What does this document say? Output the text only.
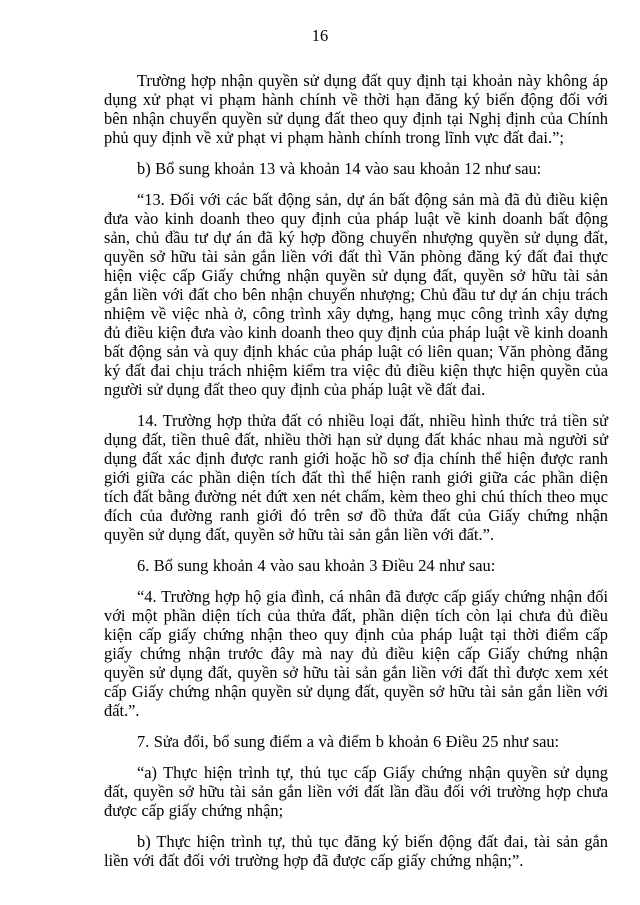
16

Trường hợp nhận quyền sử dụng đất quy định tại khoản này không áp dụng xử phạt vi phạm hành chính về thời hạn đăng ký biến động đối với bên nhận chuyển quyền sử dụng đất theo quy định tại Nghị định của Chính phủ quy định về xử phạt vi phạm hành chính trong lĩnh vực đất đai.”;

b) Bổ sung khoản 13 và khoản 14 vào sau khoản 12 như sau:

“13. Đối với các bất động sản, dự án bất động sản mà đã đủ điều kiện đưa vào kinh doanh theo quy định của pháp luật về kinh doanh bất động sản, chủ đầu tư dự án đã ký hợp đồng chuyển nhượng quyền sử dụng đất, quyền sở hữu tài sản gắn liền với đất thì Văn phòng đăng ký đất đai thực hiện việc cấp Giấy chứng nhận quyền sử dụng đất, quyền sở hữu tài sản gắn liền với đất cho bên nhận chuyển nhượng; Chủ đầu tư dự án chịu trách nhiệm về việc nhà ở, công trình xây dựng, hạng mục công trình xây dựng đủ điều kiện đưa vào kinh doanh theo quy định của pháp luật về kinh doanh bất động sản và quy định khác của pháp luật có liên quan; Văn phòng đăng ký đất đai chịu trách nhiệm kiểm tra việc đủ điều kiện thực hiện quyền của người sử dụng đất theo quy định của pháp luật về đất đai.

14. Trường hợp thửa đất có nhiều loại đất, nhiều hình thức trả tiền sử dụng đất, tiền thuê đất, nhiều thời hạn sử dụng đất khác nhau mà người sử dụng đất xác định được ranh giới hoặc hồ sơ địa chính thể hiện được ranh giới giữa các phần diện tích đất thì thể hiện ranh giới giữa các phần diện tích đất bằng đường nét đứt xen nét chấm, kèm theo ghi chú thích theo mục đích của đường ranh giới đó trên sơ đồ thửa đất của Giấy chứng nhận quyền sử dụng đất, quyền sở hữu tài sản gắn liền với đất.”.

6. Bổ sung khoản 4 vào sau khoản 3 Điều 24 như sau:

“4. Trường hợp hộ gia đình, cá nhân đã được cấp giấy chứng nhận đối với một phần diện tích của thửa đất, phần diện tích còn lại chưa đủ điều kiện cấp giấy chứng nhận theo quy định của pháp luật tại thời điểm cấp giấy chứng nhận trước đây mà nay đủ điều kiện cấp Giấy chứng nhận quyền sử dụng đất, quyền sở hữu tài sản gắn liền với đất thì được xem xét cấp Giấy chứng nhận quyền sử dụng đất, quyền sở hữu tài sản gắn liền với đất.”.

7. Sửa đổi, bổ sung điểm a và điểm b khoản 6 Điều 25 như sau:

“a) Thực hiện trình tự, thủ tục cấp Giấy chứng nhận quyền sử dụng đất, quyền sở hữu tài sản gắn liền với đất lần đầu đối với trường hợp chưa được cấp giấy chứng nhận;

b) Thực hiện trình tự, thủ tục đăng ký biến động đất đai, tài sản gắn liền với đất đối với trường hợp đã được cấp giấy chứng nhận;”.
